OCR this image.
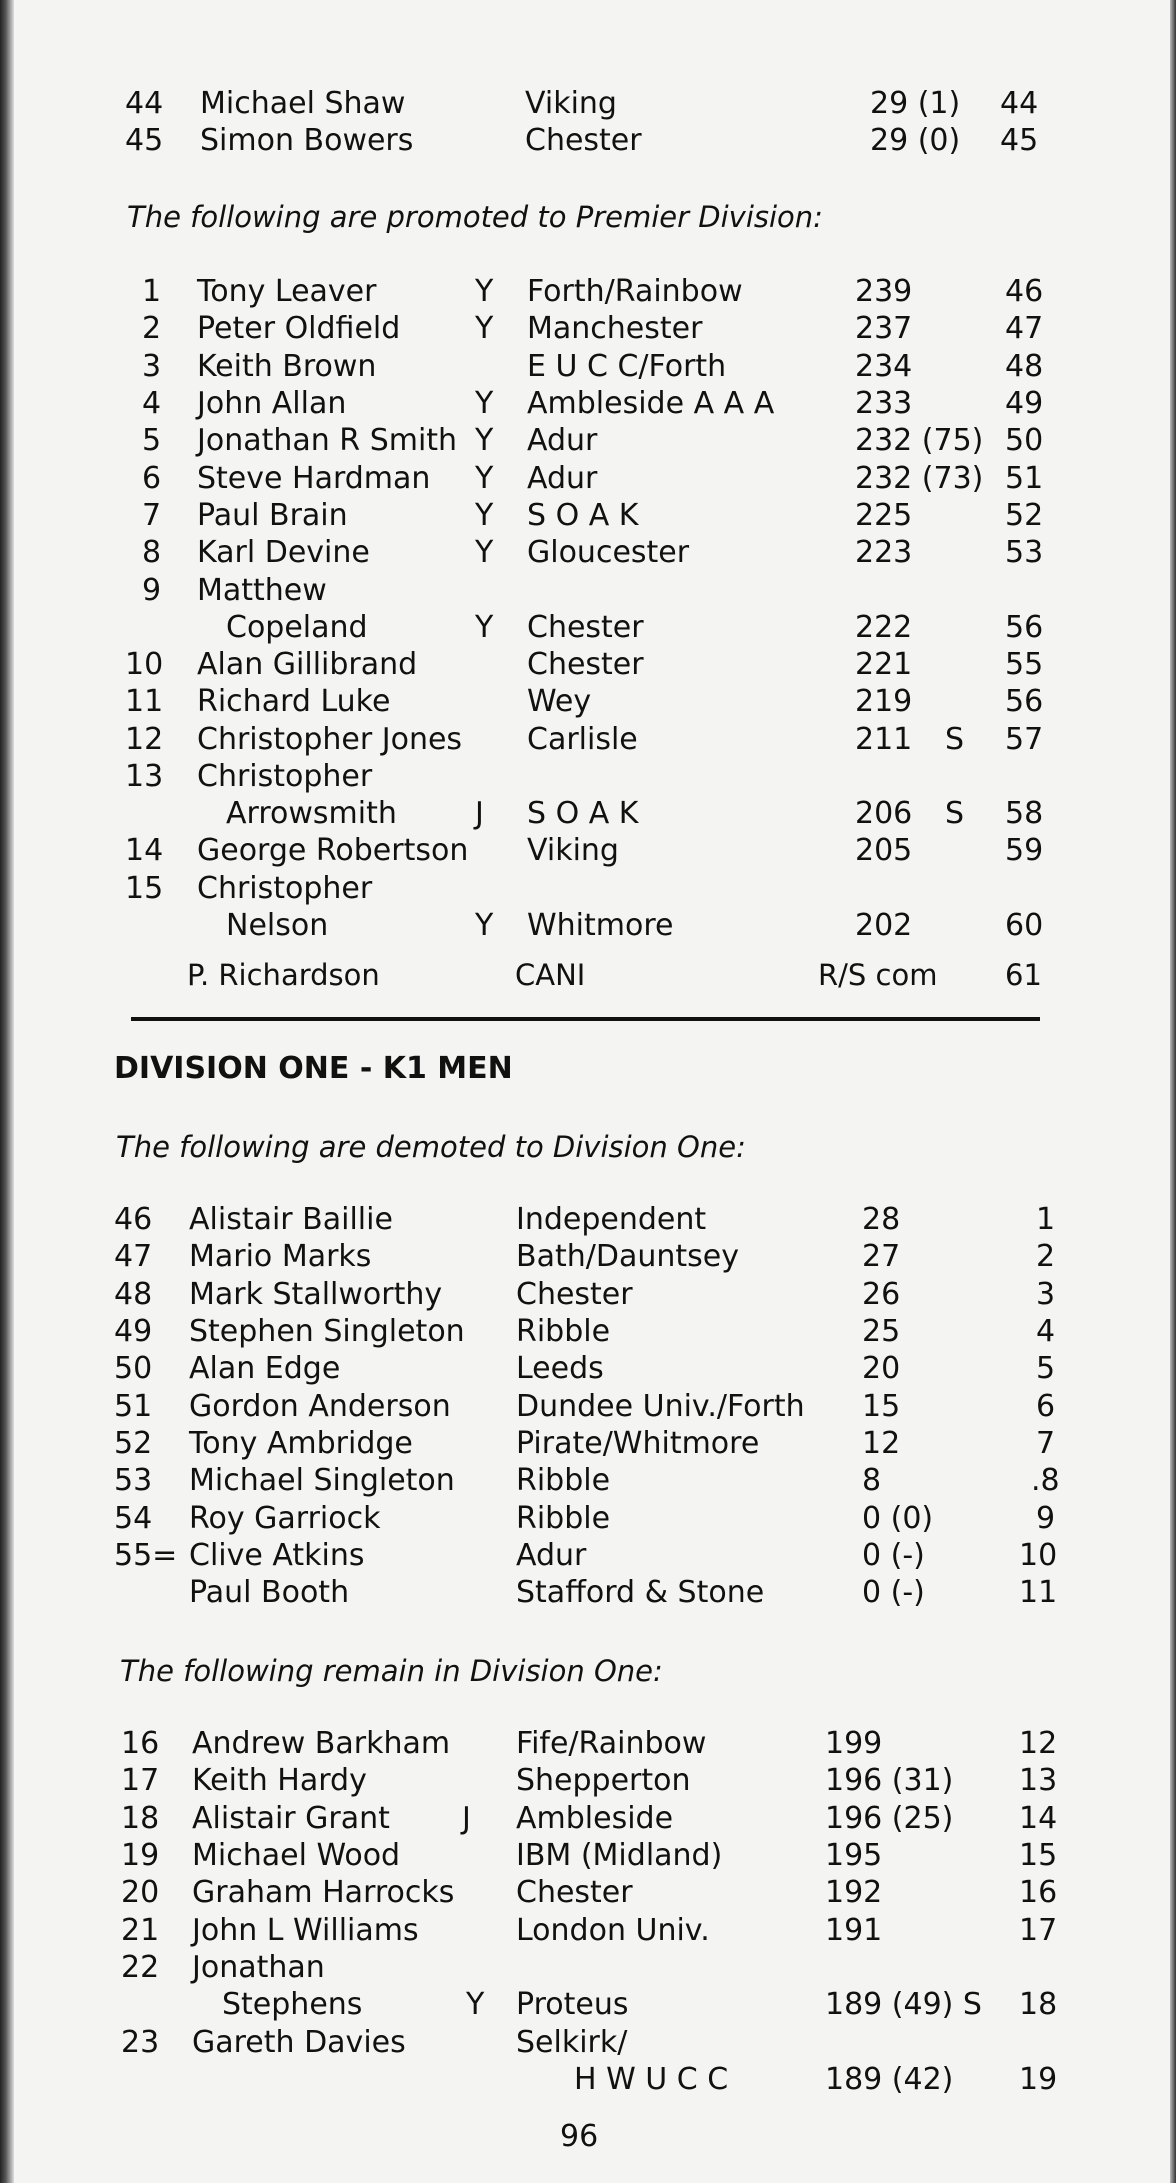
44 Michael Shaw	Viking	29 (1) 44
45 Simon Bowers	Chester	29 (0) 45
The following are promoted to Premier Division:
1 Tony Leaver	Y Forth/Rainbow	239	46
2 Peter Oldfield Y Manchester	237	47
3 Keith Brown	E U C C/Forth	234	48
4 John Allan	Y Ambleside A A A	233	49
5 Jonathan R Smith Y Adur	232 (75) 50
6 Steve Hardman Y Adur	232 (73) 51
7 Paul Brain	Y S O A K	225	52
8 Karl Devine	Y Gloucester	223	53
9 Matthew
Copeland	Y Chester	222	56
10 Alan Gillibrand	Chester	221	55
11 Richard Luke	Wey	219	56
12 Christopher Jones Carlisle	211 S 57
13 Christopher
Arrowsmith	J S O A K	206 S 58
14 George Robertson Viking	205	59
15 Christopher
Nelson	Y Whitmore	202	60
P. Richardson	CANI	R/S com 61
DIVISION ONE - K1 MEN
The following are demoted to Division One:
46 Alistair Baillie	Independent	28	1
47 Mario Marks	Bath/Dauntsey	27	2
48 Mark Stallworthy Chester	26	3
49 Stephen Singleton Ribble	25	4
50 Alan Edge	Leeds	20	5
51 Gordon Anderson Dundee Univ./Forth 15	6
52 Tony Ambridge	Pirate/Whitmore	12	7
53 Michael Singleton Ribble	8	.8
54 Roy Garriock	Ribble	0 (0)	9
55= Clive Atkins	Adur	0 (-)	10
Paul Booth	Stafford & Stone	0 (-)	11
The following remain in Division One:
16 Andrew Barkham Fife/Rainbow	199	12
17 Keith Hardy	Shepperton	196 (31) 13
18 Alistair Grant J Ambleside	196 (25) 14
19 Michael Wood	IBM (Midland)	195	15
20 Graham Harrocks Chester	192	16
21 John L Williams	London Univ.	191	17
22 Jonathan
Stephens	Y Proteus	189 (49) S 18
23 Gareth Davies	Selkirk/
H W U C C	189 (42) 19
96
